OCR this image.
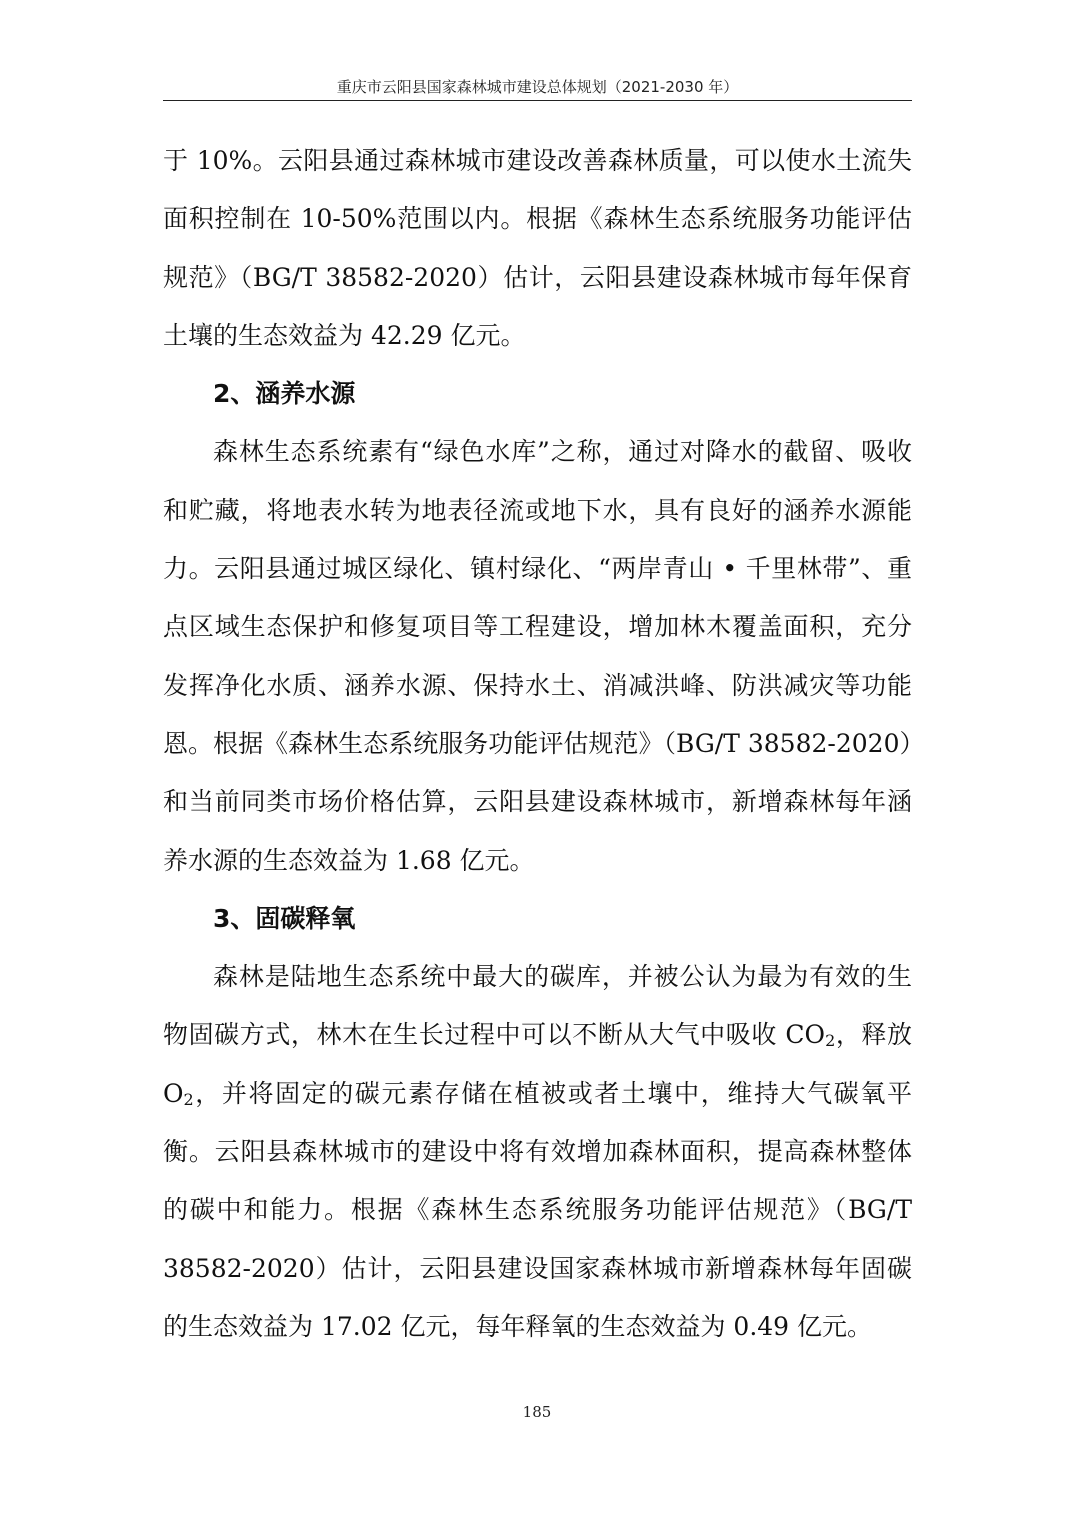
重庆市云阳县国家森林城市建设总体规划（2021-2030 年）

于 10%。云阳县通过森林城市建设改善森林质量，可以使水土流失面积控制在 10-50%范围以内。根据《森林生态系统服务功能评估规范》（BG/T 38582-2020）估计，云阳县建设森林城市每年保育土壤的生态效益为 42.29 亿元。

2、涵养水源

森林生态系统素有“绿色水库”之称，通过对降水的截留、吸收和贮藏，将地表水转为地表径流或地下水，具有良好的涵养水源能力。云阳县通过城区绿化、镇村绿化、“两岸青山 • 千里林带”、重点区域生态保护和修复项目等工程建设，增加林木覆盖面积，充分发挥净化水质、涵养水源、保持水土、消减洪峰、防洪减灾等功能恩。根据《森林生态系统服务功能评估规范》（BG/T 38582-2020）和当前同类市场价格估算，云阳县建设森林城市，新增森林每年涵养水源的生态效益为 1.68 亿元。

3、固碳释氧

森林是陆地生态系统中最大的碳库，并被公认为最为有效的生物固碳方式，林木在生长过程中可以不断从大气中吸收 $CO_2$，释放 $O_2$，并将固定的碳元素存储在植被或者土壤中，维持大气碳氧平衡。云阳县森林城市的建设中将有效增加森林面积，提高森林整体的碳中和能力。根据《森林生态系统服务功能评估规范》（BG/T 38582-2020）估计，云阳县建设国家森林城市新增森林每年固碳的生态效益为 17.02 亿元，每年释氧的生态效益为 0.49 亿元。

185
